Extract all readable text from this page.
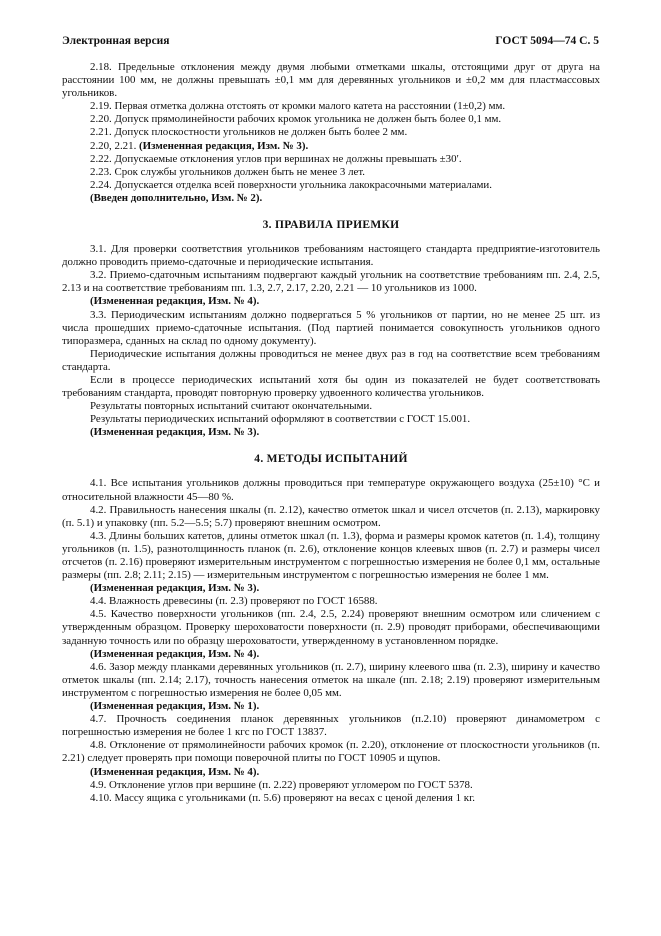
Электронная версия	ГОСТ 5094—74 С. 5

2.18. Предельные отклонения между двумя любыми отметками шкалы, отстоящими друг от друга на расстоянии 100 мм, не должны превышать ±0,1 мм для деревянных угольников и ±0,2 мм для пластмассовых угольников.

2.19. Первая отметка должна отстоять от кромки малого катета на расстоянии (1±0,2) мм.

2.20. Допуск прямолинейности рабочих кромок угольника не должен быть более 0,1 мм.

2.21. Допуск плоскостности угольников не должен быть более 2 мм.

2.20, 2.21. (Измененная редакция, Изм. № 3).

2.22. Допускаемые отклонения углов при вершинах не должны превышать ±30′.

2.23. Срок службы угольников должен быть не менее 3 лет.

2.24. Допускается отделка всей поверхности угольника лакокрасочными материалами.

(Введен дополнительно, Изм. № 2).

3. ПРАВИЛА ПРИЕМКИ

3.1. Для проверки соответствия угольников требованиям настоящего стандарта предприятие-изготовитель должно проводить приемо-сдаточные и периодические испытания.

3.2. Приемо-сдаточным испытаниям подвергают каждый угольник на соответствие требованиям пп. 2.4, 2.5, 2.13 и на соответствие требованиям пп. 1.3, 2.7, 2.17, 2.20, 2.21 — 10 угольников из 1000.

(Измененная редакция, Изм. № 4).

3.3. Периодическим испытаниям должно подвергаться 5 % угольников от партии, но не менее 25 шт. из числа прошедших приемо-сдаточные испытания. (Под партией понимается совокупность угольников одного типоразмера, сданных на склад по одному документу).

Периодические испытания должны проводиться не менее двух раз в год на соответствие всем требованиям стандарта.

Если в процессе периодических испытаний хотя бы один из показателей не будет соответствовать требованиям стандарта, проводят повторную проверку удвоенного количества угольников.

Результаты повторных испытаний считают окончательными.

Результаты периодических испытаний оформляют в соответствии с ГОСТ 15.001.

(Измененная редакция, Изм. № 3).

4. МЕТОДЫ ИСПЫТАНИЙ

4.1. Все испытания угольников должны проводиться при температуре окружающего воздуха (25±10) °С и относительной влажности 45—80 %.

4.2. Правильность нанесения шкалы (п. 2.12), качество отметок шкал и чисел отсчетов (п. 2.13), маркировку (п. 5.1) и упаковку (пп. 5.2—5.5; 5.7) проверяют внешним осмотром.

4.3. Длины больших катетов, длины отметок шкал (п. 1.3), форма и размеры кромок катетов (п. 1.4), толщину угольников (п. 1.5), разнотолщинность планок (п. 2.6), отклонение концов клеевых швов (п. 2.7) и размеры чисел отсчетов (п. 2.16) проверяют измерительным инструментом с погрешностью измерения не более 0,1 мм, остальные размеры (пп. 2.8; 2.11; 2.15) — измерительным инструментом с погрешностью измерения не более 1 мм.

(Измененная редакция, Изм. № 3).

4.4. Влажность древесины (п. 2.3) проверяют по ГОСТ 16588.

4.5. Качество поверхности угольников (пп. 2.4, 2.5, 2.24) проверяют внешним осмотром или сличением с утвержденным образцом. Проверку шероховатости поверхности (п. 2.9) проводят приборами, обеспечивающими заданную точность или по образцу шероховатости, утвержденному в установленном порядке.

(Измененная редакция, Изм. № 4).

4.6. Зазор между планками деревянных угольников (п. 2.7), ширину клеевого шва (п. 2.3), ширину и качество отметок шкалы (пп. 2.14; 2.17), точность нанесения отметок на шкале (пп. 2.18; 2.19) проверяют измерительным инструментом с погрешностью измерения не более 0,05 мм.

(Измененная редакция, Изм. № 1).

4.7. Прочность соединения планок деревянных угольников (п.2.10) проверяют динамометром с погрешностью измерения не более 1 кгс по ГОСТ 13837.

4.8. Отклонение от прямолинейности рабочих кромок (п. 2.20), отклонение от плоскостности угольников (п. 2.21) следует проверять при помощи поверочной плиты по ГОСТ 10905 и щупов.

(Измененная редакция, Изм. № 4).

4.9. Отклонение углов при вершине (п. 2.22) проверяют угломером по ГОСТ 5378.

4.10. Массу ящика с угольниками (п. 5.6) проверяют на весах с ценой деления 1 кг.
